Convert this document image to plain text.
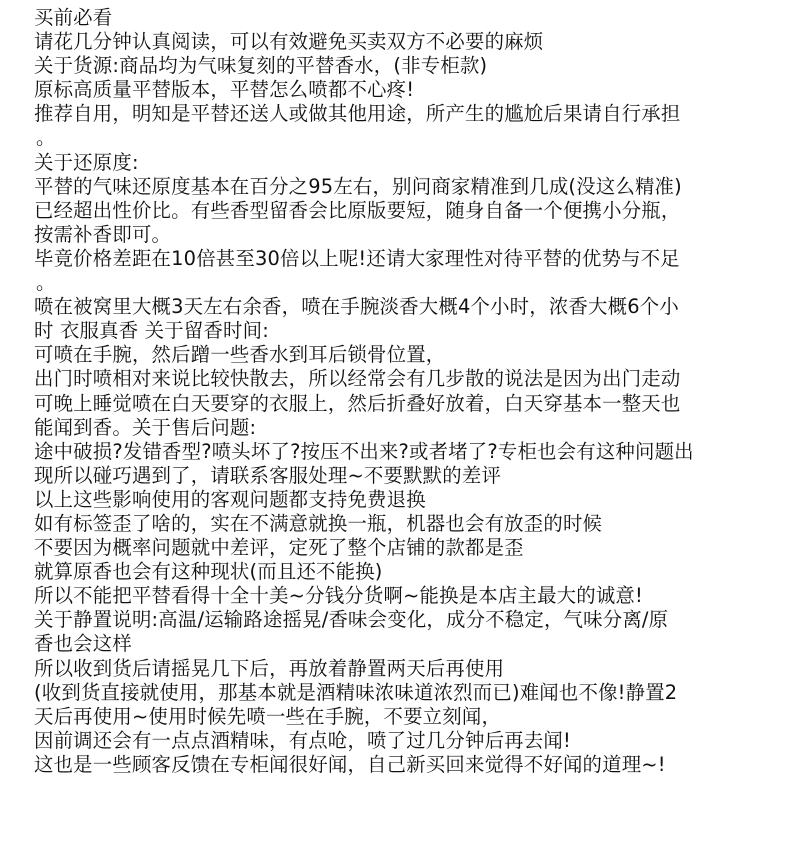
买前必看
请花几分钟认真阅读，可以有效避免买卖双方不必要的麻烦
关于货源:商品均为气味复刻的平替香水，(非专柜款)
原标高质量平替版本，平替怎么喷都不心疼!
推荐自用，明知是平替还送人或做其他用途，所产生的尴尬后果请自行承担
。
关于还原度:
平替的气味还原度基本在百分之95左右，别问商家精准到几成(没这么精准)
已经超出性价比。有些香型留香会比原版要短，随身自备一个便携小分瓶，
按需补香即可。
毕竟价格差距在10倍甚至30倍以上呢!还请大家理性对待平替的优势与不足
。
喷在被窝里大概3天左右余香，喷在手腕淡香大概4个小时，浓香大概6个小
时 衣服真香 关于留香时间:
可喷在手腕，然后蹭一些香水到耳后锁骨位置，
出门时喷相对来说比较快散去，所以经常会有几步散的说法是因为出门走动
可晚上睡觉喷在白天要穿的衣服上，然后折叠好放着，白天穿基本一整天也
能闻到香。关于售后问题:
途中破损?发错香型?喷头坏了?按压不出来?或者堵了?专柜也会有这种问题出
现所以碰巧遇到了，请联系客服处理~不要默默的差评
以上这些影响使用的客观问题都支持免费退换
如有标签歪了啥的，实在不满意就换一瓶，机器也会有放歪的时候
不要因为概率问题就中差评，定死了整个店铺的款都是歪
就算原香也会有这种现状(而且还不能换)
所以不能把平替看得十全十美~分钱分货啊~能换是本店主最大的诚意!
关于静置说明:高温/运输路途摇晃/香味会变化，成分不稳定，气味分离/原
香也会这样
所以收到货后请摇晃几下后，再放着静置两天后再使用
(收到货直接就使用，那基本就是酒精味浓味道浓烈而已)难闻也不像!静置2
天后再使用~使用时候先喷一些在手腕，不要立刻闻，
因前调还会有一点点酒精味，有点呛，喷了过几分钟后再去闻!
这也是一些顾客反馈在专柜闻很好闻，自己新买回来觉得不好闻的道理~!
